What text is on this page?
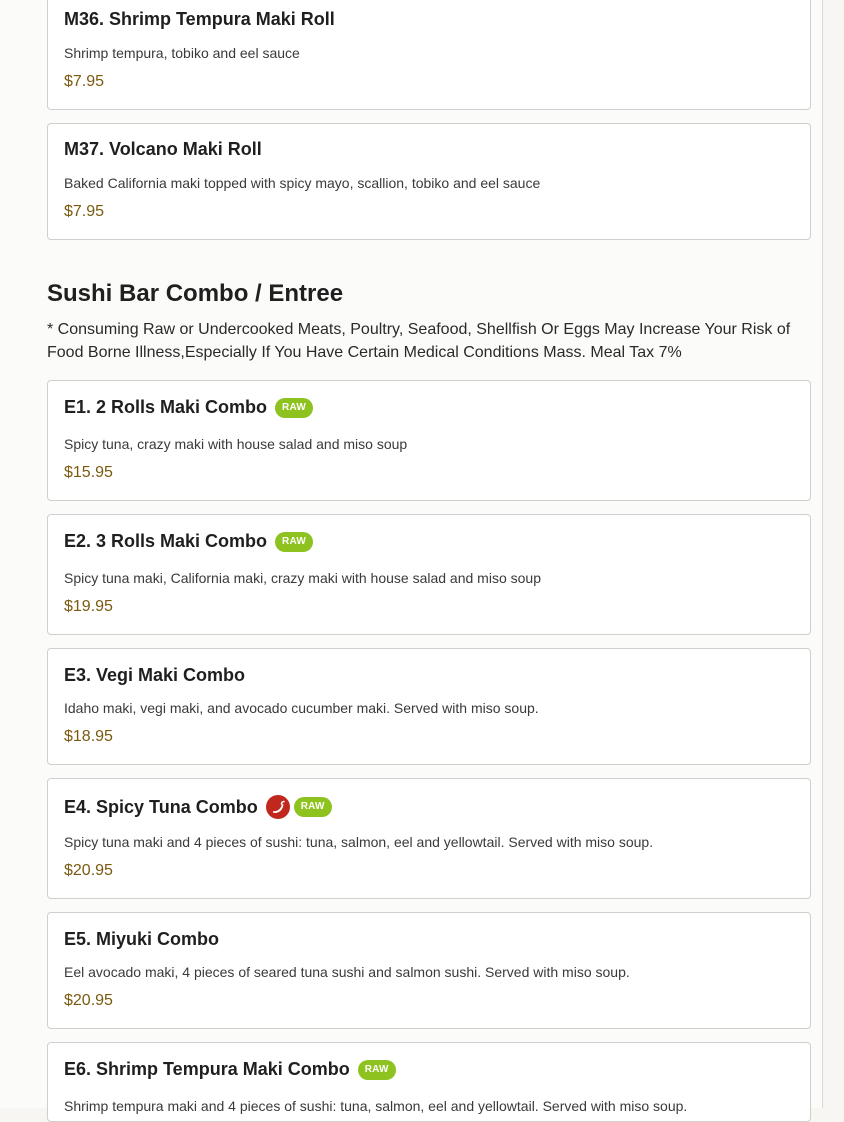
M36. Shrimp Tempura Maki Roll
Shrimp tempura, tobiko and eel sauce
$7.95
M37. Volcano Maki Roll
Baked California maki topped with spicy mayo, scallion, tobiko and eel sauce
$7.95
Sushi Bar Combo / Entree
* Consuming Raw or Undercooked Meats, Poultry, Seafood, Shellfish Or Eggs May Increase Your Risk of Food Borne Illness,Especially If You Have Certain Medical Conditions Mass. Meal Tax 7%
E1. 2 Rolls Maki Combo	RAW
Spicy tuna, crazy maki with house salad and miso soup
$15.95
E2. 3 Rolls Maki Combo	RAW
Spicy tuna maki, California maki, crazy maki with house salad and miso soup
$19.95
E3. Vegi Maki Combo
Idaho maki, vegi maki, and avocado cucumber maki. Served with miso soup.
$18.95
E4. Spicy Tuna Combo	RAW
Spicy tuna maki and 4 pieces of sushi: tuna, salmon, eel and yellowtail. Served with miso soup.
$20.95
E5. Miyuki Combo
Eel avocado maki, 4 pieces of seared tuna sushi and salmon sushi. Served with miso soup.
$20.95
E6. Shrimp Tempura Maki Combo	RAW
Shrimp tempura maki and 4 pieces of sushi: tuna, salmon, eel and yellowtail. Served with miso soup.
